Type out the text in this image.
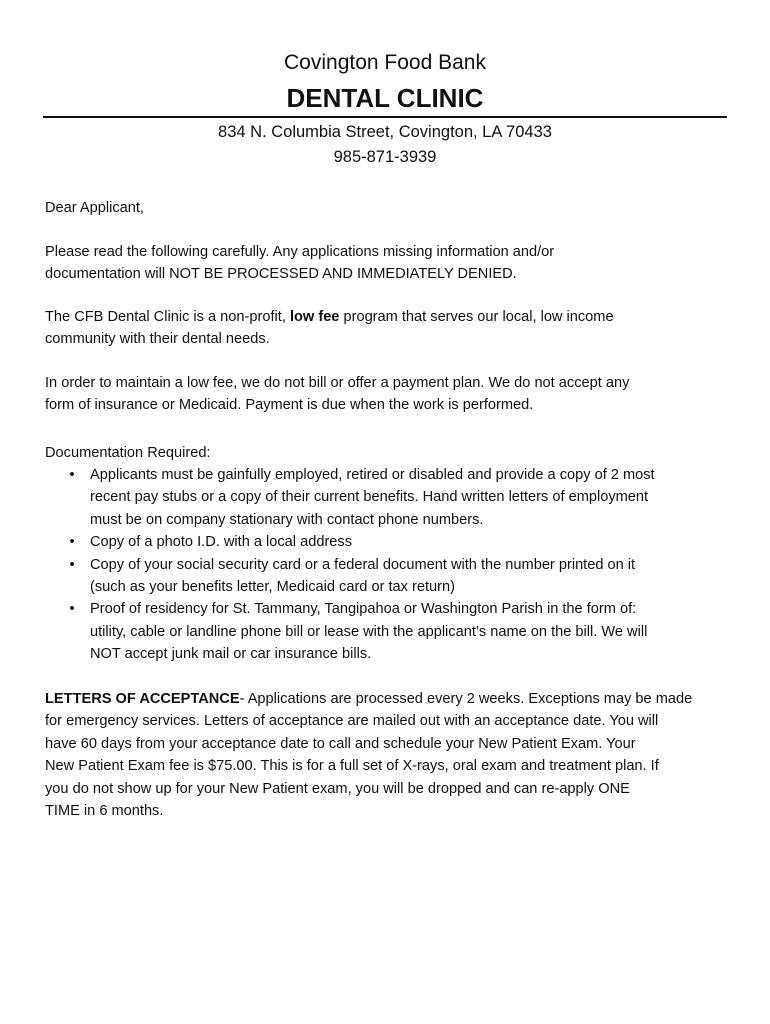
Covington Food Bank
DENTAL CLINIC
834 N. Columbia Street, Covington, LA 70433
985-871-3939

Dear Applicant,

Please read the following carefully. Any applications missing information and/or
documentation will NOT BE PROCESSED AND IMMEDIATELY DENIED.

The CFB Dental Clinic is a non-profit, low fee program that serves our local, low income
community with their dental needs.

In order to maintain a low fee, we do not bill or offer a payment plan. We do not accept any
form of insurance or Medicaid. Payment is due when the work is performed.

Documentation Required:

• Applicants must be gainfully employed, retired or disabled and provide a copy of 2 most
recent pay stubs or a copy of their current benefits. Hand written letters of employment
must be on company stationary with contact phone numbers.
• Copy of a photo I.D. with a local address
• Copy of your social security card or a federal document with the number printed on it
(such as your benefits letter, Medicaid card or tax return)
• Proof of residency for St. Tammany, Tangipahoa or Washington Parish in the form of:
utility, cable or landline phone bill or lease with the applicant’s name on the bill. We will
NOT accept junk mail or car insurance bills.

LETTERS OF ACCEPTANCE- Applications are processed every 2 weeks. Exceptions may be made
for emergency services. Letters of acceptance are mailed out with an acceptance date. You will
have 60 days from your acceptance date to call and schedule your New Patient Exam. Your
New Patient Exam fee is $75.00. This is for a full set of X-rays, oral exam and treatment plan. If
you do not show up for your New Patient exam, you will be dropped and can re-apply ONE
TIME in 6 months.
